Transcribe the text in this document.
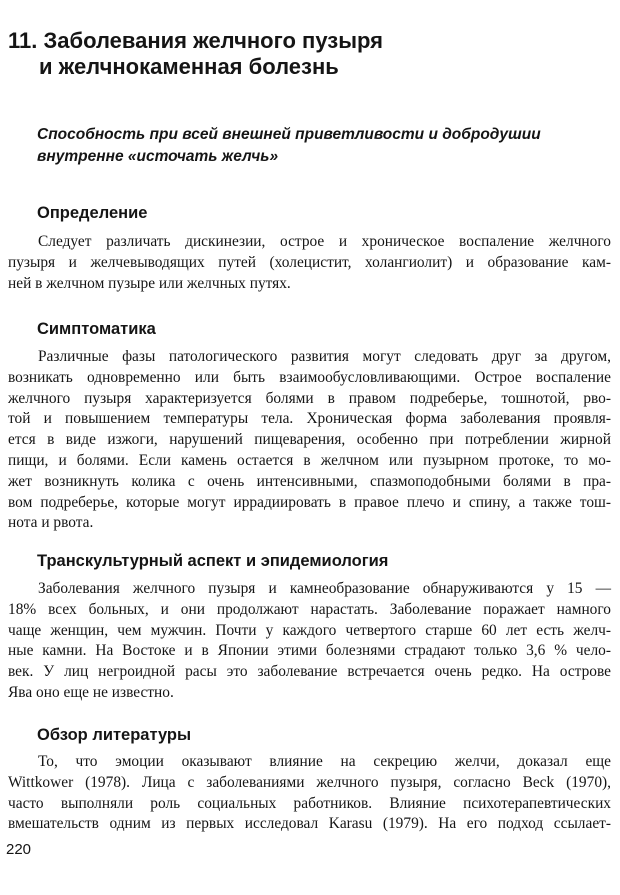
11. Заболевания желчного пузыря
и желчнокаменная болезнь

Способность при всей внешней приветливости и добродушии
внутренне «источать желчь»

Определение
Следует различать дискинезии, острое и хроническое воспаление желчного
пузыря и желчевыводящих путей (холецистит, холангиолит) и образование кам-
ней в желчном пузыре или желчных путях.
Симптоматика
Различные фазы патологического развития могут следовать друг за другом,
возникать одновременно или быть взаимообусловливающими. Острое воспаление
желчного пузыря характеризуется болями в правом подреберье, тошнотой, рво-
той и повышением температуры тела. Хроническая форма заболевания проявля-
ется в виде изжоги, нарушений пищеварения, особенно при потреблении жирной
пищи, и болями. Если камень остается в желчном или пузырном протоке, то мо-
жет возникнуть колика с очень интенсивными, спазмоподобными болями в пра-
вом подреберье, которые могут иррадиировать в правое плечо и спину, а также тош-
нота и рвота.
Транскультурный аспект и эпидемиология
Заболевания желчного пузыря и камнеобразование обнаруживаются у 15 —
18% всех больных, и они продолжают нарастать. Заболевание поражает намного
чаще женщин, чем мужчин. Почти у каждого четвертого старше 60 лет есть желч-
ные камни. На Востоке и в Японии этими болезнями страдают только 3,6 % чело-
век. У лиц негроидной расы это заболевание встречается очень редко. На острове
Ява оно еще не известно.
Обзор литературы
То, что эмоции оказывают влияние на секрецию желчи, доказал еще
Wittkower (1978). Лица с заболеваниями желчного пузыря, согласно Beck (1970),
часто выполняли роль социальных работников. Влияние психотерапевтических
вмешательств одним из первых исследовал Karasu (1979). На его подход ссылает-

220
